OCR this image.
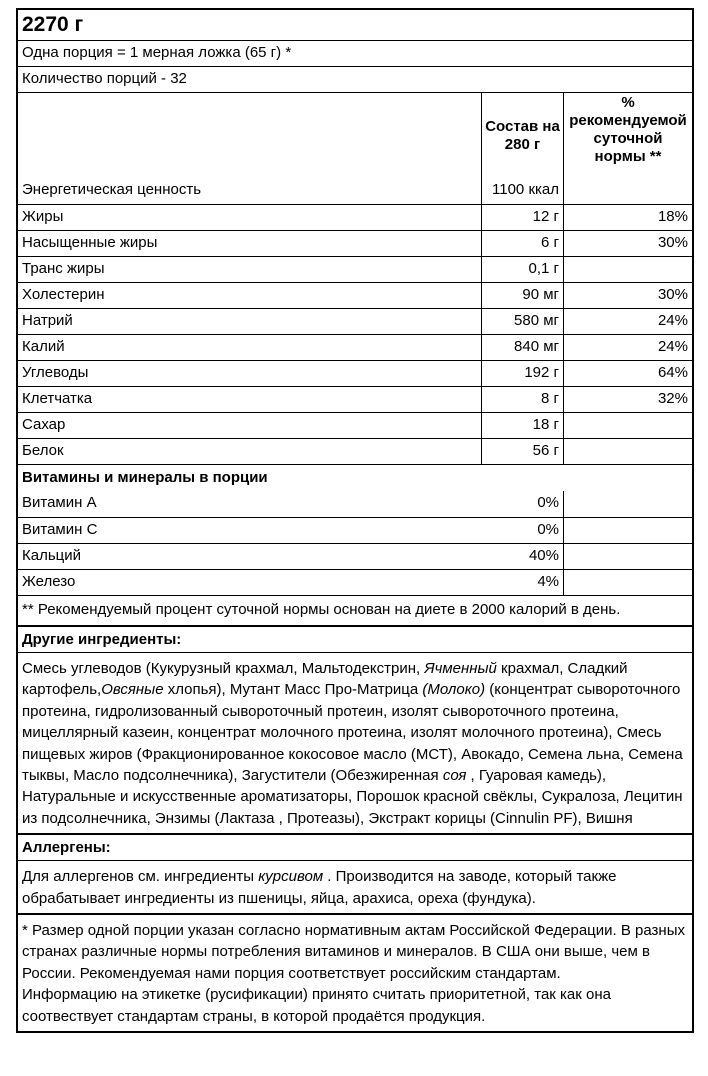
2270 г
Одна порция = 1 мерная ложка (65 г) *
Количество порций - 32
Состав на 280 г
% рекомендуемой суточной нормы **
Энергетическая ценность	1100 ккал
Жиры	12 г	18%
Насыщенные жиры	6 г	30%
Транс жиры	0,1 г
Холестерин	90 мг	30%
Натрий	580 мг	24%
Калий	840 мг	24%
Углеводы	192 г	64%
Клетчатка	8 г	32%
Сахар	18 г
Белок	56 г
Витамины и минералы в порции
Витамин А	0%
Витамин С	0%
Кальций	40%
Железо	4%
** Рекомендуемый процент суточной нормы основан на диете в 2000 калорий в день.
Другие ингредиенты:
Смесь углеводов (Кукурузный крахмал, Мальтодекстрин, Ячменный крахмал, Сладкий картофель,Овсяные хлопья), Мутант Масс Про-Матрица (Молоко) (концентрат сывороточного протеина, гидролизованный сывороточный протеин, изолят сывороточного протеина, мицеллярный казеин, концентрат молочного протеина, изолят молочного протеина), Смесь пищевых жиров (Фракционированное кокосовое масло (МСТ), Авокадо, Семена льна, Семена тыквы, Масло подсолнечника), Загустители (Обезжиренная соя , Гуаровая камедь), Натуральные и искусственные ароматизаторы, Порошок красной свёклы, Сукралоза, Лецитин из подсолнечника, Энзимы (Лактаза , Протеазы), Экстракт корицы (Cinnulin PF), Вишня
Аллергены:
Для аллергенов см. ингредиенты курсивом . Производится на заводе, который также обрабатывает ингредиенты из пшеницы, яйца, арахиса, ореха (фундука).
* Размер одной порции указан согласно нормативным актам Российской Федерации. В разных странах различные нормы потребления витаминов и минералов. В США они выше, чем в России. Рекомендуемая нами порция соответствует российским стандартам.
Информацию на этикетке (русификации) принято считать приоритетной, так как она соотвествует стандартам страны, в которой продаётся продукция.
